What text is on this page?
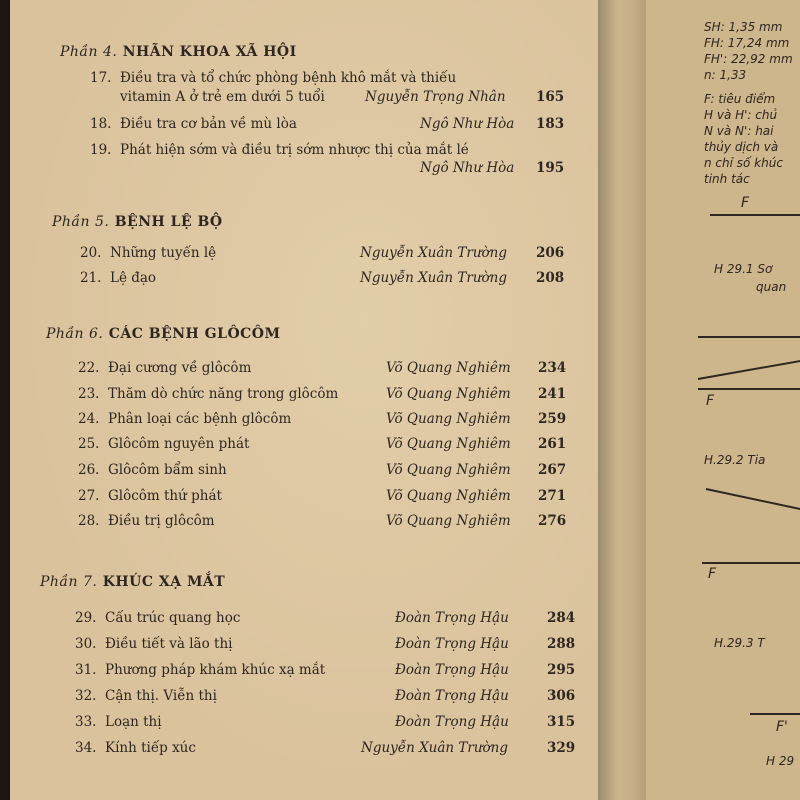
Phần 4. NHÃN KHOA XÃ HỘI
17. Điều tra và tổ chức phòng bệnh khô mắt và thiếu
vitamin A ở trẻ em dưới 5 tuổi	Nguyễn Trọng Nhân 165
18. Điều tra cơ bản về mù lòa	Ngô Như Hòa 183
19. Phát hiện sớm và điều trị sớm nhược thị của mắt lé
Ngô Như Hòa 195
Phần 5. BỆNH LỆ BỘ
20. Những tuyến lệ	Nguyễn Xuân Trường 206
21. Lệ đạo	Nguyễn Xuân Trường 208
Phần 6. CÁC BỆNH GLÔCÔM
22. Đại cương về glôcôm	Võ Quang Nghiêm 234
23. Thăm dò chức năng trong glôcôm	Võ Quang Nghiêm 241
24. Phân loại các bệnh glôcôm	Võ Quang Nghiêm 259
25. Glôcôm nguyên phát	Võ Quang Nghiêm 261
26. Glôcôm bẩm sinh	Võ Quang Nghiêm 267
27. Glôcôm thứ phát	Võ Quang Nghiêm 271
28. Điều trị glôcôm	Võ Quang Nghiêm 276
Phần 7. KHÚC XẠ MẮT
29. Cấu trúc quang học	Đoàn Trọng Hậu	284
30. Điều tiết và lão thị	Đoàn Trọng Hậu	288
31. Phương pháp khám khúc xạ mắt	Đoàn Trọng Hậu	295
32. Cận thị. Viễn thị	Đoàn Trọng Hậu	306
33. Loạn thị	Đoàn Trọng Hậu	315
34. Kính tiếp xúc	Nguyễn Xuân Trường	329
SH: 1,35 mm
FH: 17,24 mm
FH': 22,92 mm
n: 1,33
F: tiêu điểm
H và H': chủ
N và N': hai
thủy dịch và
n chỉ số khúc
tinh tác
F
H 29.1 Sơ
quan
F
H.29.2 Tia
F
H.29.3 T
F'
H 29
